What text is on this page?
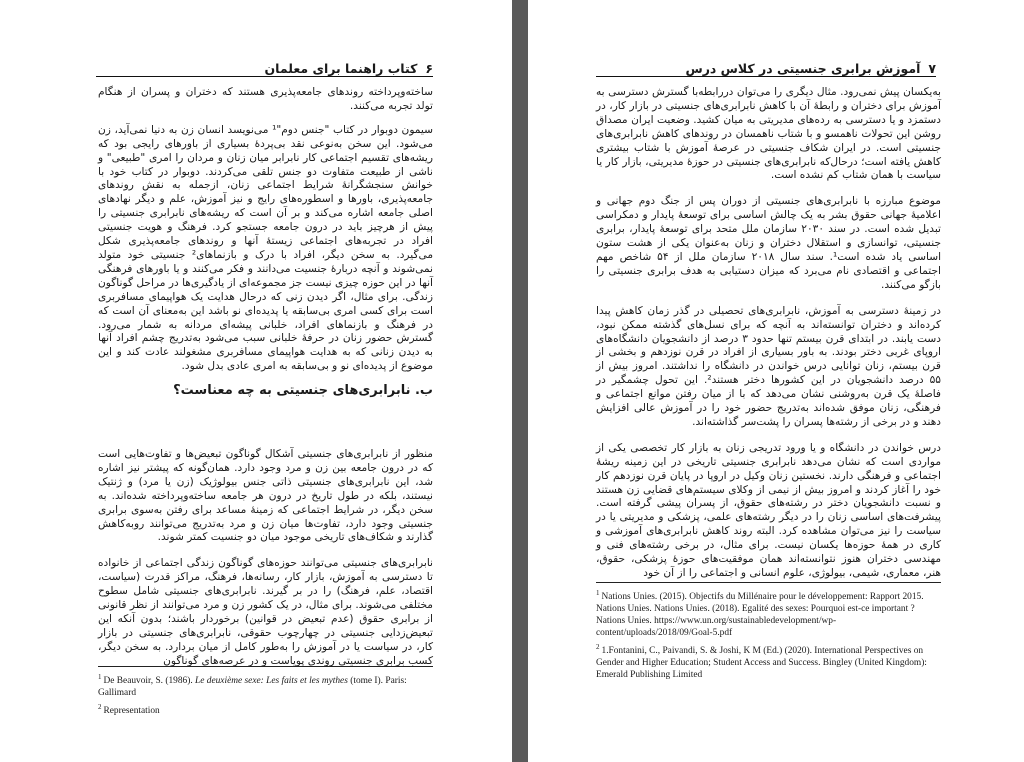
۶
کتاب راهنما برای معلمان

ساخته‌وپرداخته روندهای جامعه‌پذیری هستند که دختران و پسران از هنگام تولد تجربه می‌کنند.

سیمون دوبوار در کتاب "جنس دوم"¹ می‌نویسد انسان زن به دنیا نمی‌آید، زن می‌شود. این سخن به‌نوعی نقد بی‌پردهٔ بسیاری از باورهای رایجی بود که ریشه‌های تقسیم اجتماعی کار نابرابر میان زنان و مردان را امری "طبیعی" و ناشی از طبیعت متفاوت دو جنس تلقی می‌کردند. دوبوار در کتاب خود با خوانش سنجشگرانهٔ شرایط اجتماعی زنان، ازجمله به نقش روندهای جامعه‌پذیری، باورها و اسطوره‌های رایج و نیز آموزش، علم و دیگر نهادهای اصلی جامعه اشاره می‌کند و بر آن است که ریشه‌های نابرابری جنسیتی را پیش از هرچیز باید در درون جامعه جستجو کرد. فرهنگ و هویت جنسیتی افراد در تجربه‌های اجتماعی زیستهٔ آنها و روندهای جامعه‌پذیری شکل می‌گیرد. به سخن دیگر، افراد با درک و بازنماهای² جنسیتی خود متولد نمی‌شوند و آنچه دربارهٔ جنسیت می‌دانند و فکر می‌کنند و یا باورهای فرهنگی آنها در این حوزه چیزی نیست جز مجموعه‌ای از یادگیری‌ها در مراحل گوناگون زندگی. برای مثال، اگر دیدن زنی که درحال هدایت یک هواپیمای مسافربری است برای کسی امری بی‌سابقه یا پدیده‌ای نو باشد این به‌معنای آن است که در فرهنگ و بازنماهای افراد، خلبانی پیشه‌ای مردانه به شمار می‌رود. گسترش حضور زنان در حرفهٔ خلبانی سبب می‌شود به‌تدریج چشم افراد آنها به دیدن زنانی که به هدایت هواپیمای مسافربری مشغولند عادت کند و این موضوع از پدیده‌ای نو و بی‌سابقه به امری عادی بدل شود.

ب. نابرابری‌های جنسیتی به چه معناست؟

منظور از نابرابری‌های جنسیتی آشکال گوناگون تبعیض‌ها و تفاوت‌هایی است که در درون جامعه بین زن و مرد وجود دارد. همان‌گونه که پیشتر نیز اشاره شد، این نابرابری‌های جنسیتی ذاتی جنس بیولوژیک (زن یا مرد) و ژنتیک نیستند، بلکه در طول تاریخ در درون هر جامعه ساخته‌وپرداخته شده‌اند. به سخن دیگر، در شرایط اجتماعی که زمینهٔ مساعد برای رفتن به‌سوی برابری جنسیتی وجود دارد، تفاوت‌ها میان زن و مرد به‌تدریج می‌توانند روبه‌کاهش گذارند و شکاف‌های تاریخی موجود میان دو جنسیت کمتر شوند.

نابرابری‌های جنسیتی می‌توانند حوزه‌های گوناگون زندگی اجتماعی از خانواده تا دسترسی به آموزش، بازار کار، رسانه‌ها، فرهنگ، مراکز قدرت (سیاست، اقتصاد، علم، فرهنگ) را در بر گیرند. نابرابری‌های جنسیتی شامل سطوح مختلفی می‌شوند. برای مثال، در یک کشور زن و مرد می‌توانند از نظر قانونی از برابری حقوق (عدم تبعیض در قوانین) برخوردار باشند؛ بدون آنکه این تبعیض‌زدایی جنسیتی در چهارچوب حقوقی، نابرابری‌های جنسیتی در بازار کار، در سیاست یا در آموزش را به‌طور کامل از میان بردارد. به سخن دیگر، کسب برابری جنسیتی روندی پویاست و در عرصه‌های گوناگون

$^1$ De Beauvoir, S. (1986). Le deuxième sexe: Les faits et les mythes (tome I). Paris: Gallimard
$^2$ Representation
۷
آموزش برابری جنسیتی در کلاس درس

به‌یکسان پیش نمی‌رود. مثال دیگری را می‌توان دررابطه‌با گسترش دسترسی به آموزش برای دختران و رابطهٔ آن با کاهش نابرابری‌های جنسیتی در بازار کار، در دستمزد و یا دسترسی به رده‌های مدیریتی به میان کشید. وضعیت ایران مصداق روشن این تحولات ناهمسو و با شتاب ناهمسان در روندهای کاهش نابرابری‌های جنسیتی است. در ایران شکاف جنسیتی در عرصهٔ آموزش با شتاب بیشتری کاهش یافته است؛ درحال‌که نابرابری‌های جنسیتی در حوزهٔ مدیریتی، بازار کار یا سیاست با همان شتاب کم نشده است.

موضوع مبارزه با نابرابری‌های جنسیتی از دوران پس از جنگ دوم جهانی و اعلامیهٔ جهانی حقوق بشر به یک چالش اساسی برای توسعهٔ پایدار و دمکراسی تبدیل شده است. در سند ۲۰۳۰ سازمان ملل متحد برای توسعهٔ پایدار، برابری جنسیتی، توانسازی و استقلال دختران و زنان به‌عنوان یکی از هشت ستون اساسی یاد شده است¹. سند سال ۲۰۱۸ سازمان ملل از ۵۴ شاخص مهم اجتماعی و اقتصادی نام می‌برد که میزان دستیابی به هدف برابری جنسیتی را بازگو می‌کنند.

در زمینهٔ دسترسی به آموزش، نابرابری‌های تحصیلی در گذر زمان کاهش پیدا کرده‌اند و دختران توانسته‌اند به آنچه که برای نسل‌های گذشته ممکن نبود، دست یابند. در ابتدای قرن بیستم تنها حدود ۳ درصد از دانشجویان دانشگاه‌های اروپای غربی دختر بودند. به باور بسیاری از افراد در قرن نوزدهم و بخشی از قرن بیستم، زنان توانایی درس خواندن در دانشگاه را نداشتند. امروز بیش از ۵۵ درصد دانشجویان در این کشورها دختر هستند². این تحول چشمگیر در فاصلهٔ یک قرن به‌روشنی نشان می‌دهد که با از میان رفتن موانع اجتماعی و فرهنگی، زنان موفق شده‌اند به‌تدریج حضور خود را در آموزش عالی افزایش دهند و در برخی از رشته‌ها پسران را پشت‌سر گذاشته‌اند.

درس خواندن در دانشگاه و یا ورود تدریجی زنان به بازار کار تخصصی یکی از مواردی است که نشان می‌دهد نابرابری جنسیتی تاریخی در این زمینه ریشهٔ اجتماعی و فرهنگی دارند. نخستین زنان وکیل در اروپا در پایان قرن نوزدهم کار خود را آغاز کردند و امروز بیش از نیمی از وکلای سیستم‌های قضایی زن هستند و نسبت دانشجویان دختر در رشته‌های حقوق، از پسران پیشی گرفته است. پیشرفت‌های اساسی زنان را در دیگر رشته‌های علمی، پزشکی و مدیریتی یا در سیاست را نیز می‌توان مشاهده کرد. البته روند کاهش نابرابری‌های آموزشی و کاری در همهٔ حوزه‌ها یکسان نیست. برای مثال، در برخی رشته‌های فنی و مهندسی دختران هنوز نتوانسته‌اند همان موفقیت‌های حوزهٔ پزشکی، حقوق، هنر، معماری، شیمی، بیولوژی، علوم انسانی و اجتماعی را از آن خود

$^1$ Nations Unies. (2015). Objectifs du Millénaire pour le développement: Rapport 2015. Nations Unies. Nations Unies. (2018). Egalité des sexes: Pourquoi est-ce important ? Nations Unies. https://www.un.org/sustainabledevelopment/wp-content/uploads/2018/09/Goal-5.pdf
$^2$ 1.Fontanini, C., Paivandi, S. & Joshi, K M (Ed.) (2020). International Perspectives on Gender and Higher Education; Student Access and Success. Bingley (United Kingdom): Emerald Publishing Limited
